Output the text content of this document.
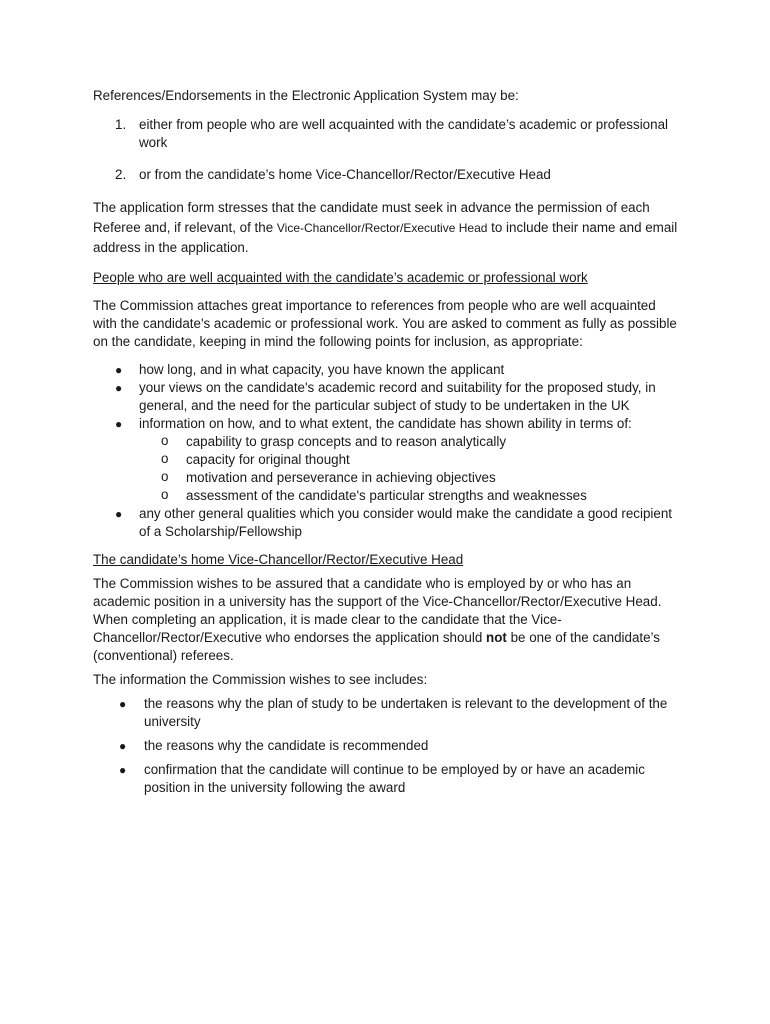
References/Endorsements in the Electronic Application System may be:

1. either from people who are well acquainted with the candidate’s academic or professional work
2. or from the candidate’s home Vice-Chancellor/Rector/Executive Head

The application form stresses that the candidate must seek in advance the permission of each Referee and, if relevant, of the Vice-Chancellor/Rector/Executive Head to include their name and email address in the application.

People who are well acquainted with the candidate’s academic or professional work

The Commission attaches great importance to references from people who are well acquainted with the candidate's academic or professional work. You are asked to comment as fully as possible on the candidate, keeping in mind the following points for inclusion, as appropriate:

● how long, and in what capacity, you have known the applicant
● your views on the candidate's academic record and suitability for the proposed study, in general, and the need for the particular subject of study to be undertaken in the UK
● information on how, and to what extent, the candidate has shown ability in terms of:
o capability to grasp concepts and to reason analytically
o capacity for original thought
o motivation and perseverance in achieving objectives
o assessment of the candidate's particular strengths and weaknesses
● any other general qualities which you consider would make the candidate a good recipient of a Scholarship/Fellowship

The candidate’s home Vice-Chancellor/Rector/Executive Head

The Commission wishes to be assured that a candidate who is employed by or who has an academic position in a university has the support of the Vice-Chancellor/Rector/Executive Head. When completing an application, it is made clear to the candidate that the Vice-Chancellor/Rector/Executive who endorses the application should not be one of the candidate’s (conventional) referees.

The information the Commission wishes to see includes:

● the reasons why the plan of study to be undertaken is relevant to the development of the university
● the reasons why the candidate is recommended
● confirmation that the candidate will continue to be employed by or have an academic position in the university following the award
